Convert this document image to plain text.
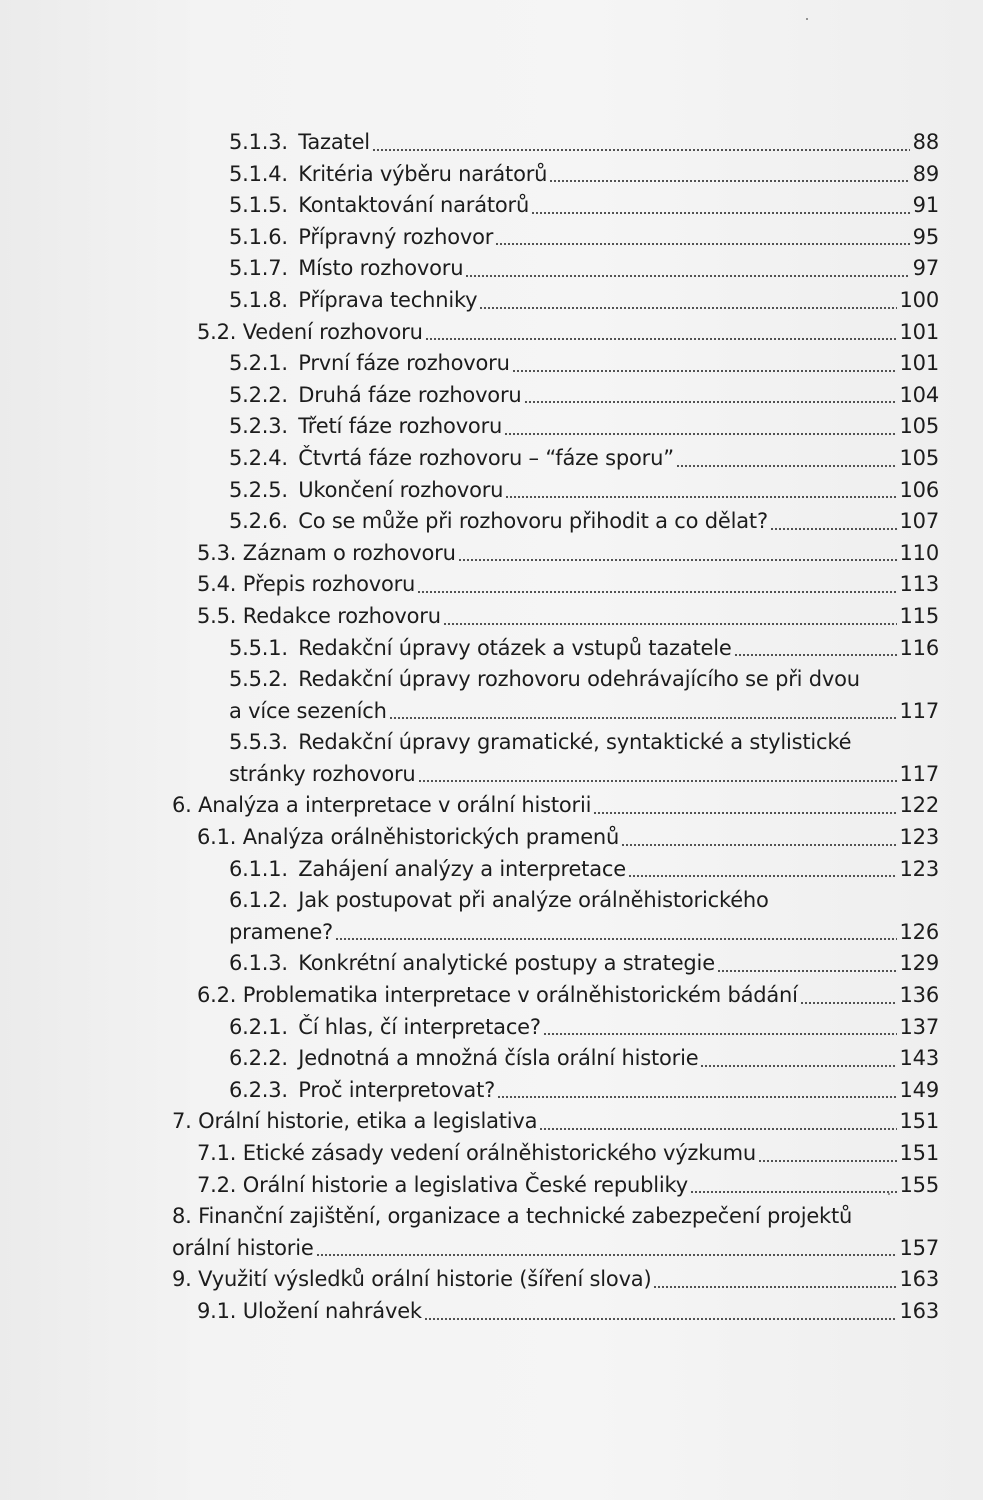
5.1.3.  Tazatel	88
5.1.4.  Kritéria výběru narátorů	89
5.1.5.  Kontaktování narátorů	91
5.1.6.  Přípravný rozhovor	95
5.1.7.  Místo rozhovoru	97
5.1.8.  Příprava techniky	100
5.2. Vedení rozhovoru	101
5.2.1.  První fáze rozhovoru	101
5.2.2.  Druhá fáze rozhovoru	104
5.2.3.  Třetí fáze rozhovoru	105
5.2.4.  Čtvrtá fáze rozhovoru – “fáze sporu”	105
5.2.5.  Ukončení rozhovoru	106
5.2.6.  Co se může při rozhovoru přihodit a co dělat?	107
5.3. Záznam o rozhovoru	110
5.4. Přepis rozhovoru	113
5.5. Redakce rozhovoru	115
5.5.1.  Redakční úpravy otázek a vstupů tazatele	116
5.5.2.  Redakční úpravy rozhovoru odehrávajícího se při dvou
a více sezeních	117
5.5.3.  Redakční úpravy gramatické, syntaktické a stylistické
stránky rozhovoru	117
6. Analýza a interpretace v orální historii	122
6.1. Analýza orálněhistorických pramenů	123
6.1.1.  Zahájení analýzy a interpretace	123
6.1.2.  Jak postupovat při analýze orálněhistorického
pramene?	126
6.1.3.  Konkrétní analytické postupy a strategie	129
6.2. Problematika interpretace v orálněhistorickém bádání	136
6.2.1.  Čí hlas, čí interpretace?	137
6.2.2.  Jednotná a množná čísla orální historie	143
6.2.3.  Proč interpretovat?	149
7. Orální historie, etika a legislativa	151
7.1. Etické zásady vedení orálněhistorického výzkumu	151
7.2. Orální historie a legislativa České republiky	155
8. Finanční zajištění, organizace a technické zabezpečení projektů
orální historie	157
9. Využití výsledků orální historie (šíření slova)	163
9.1. Uložení nahrávek	163
